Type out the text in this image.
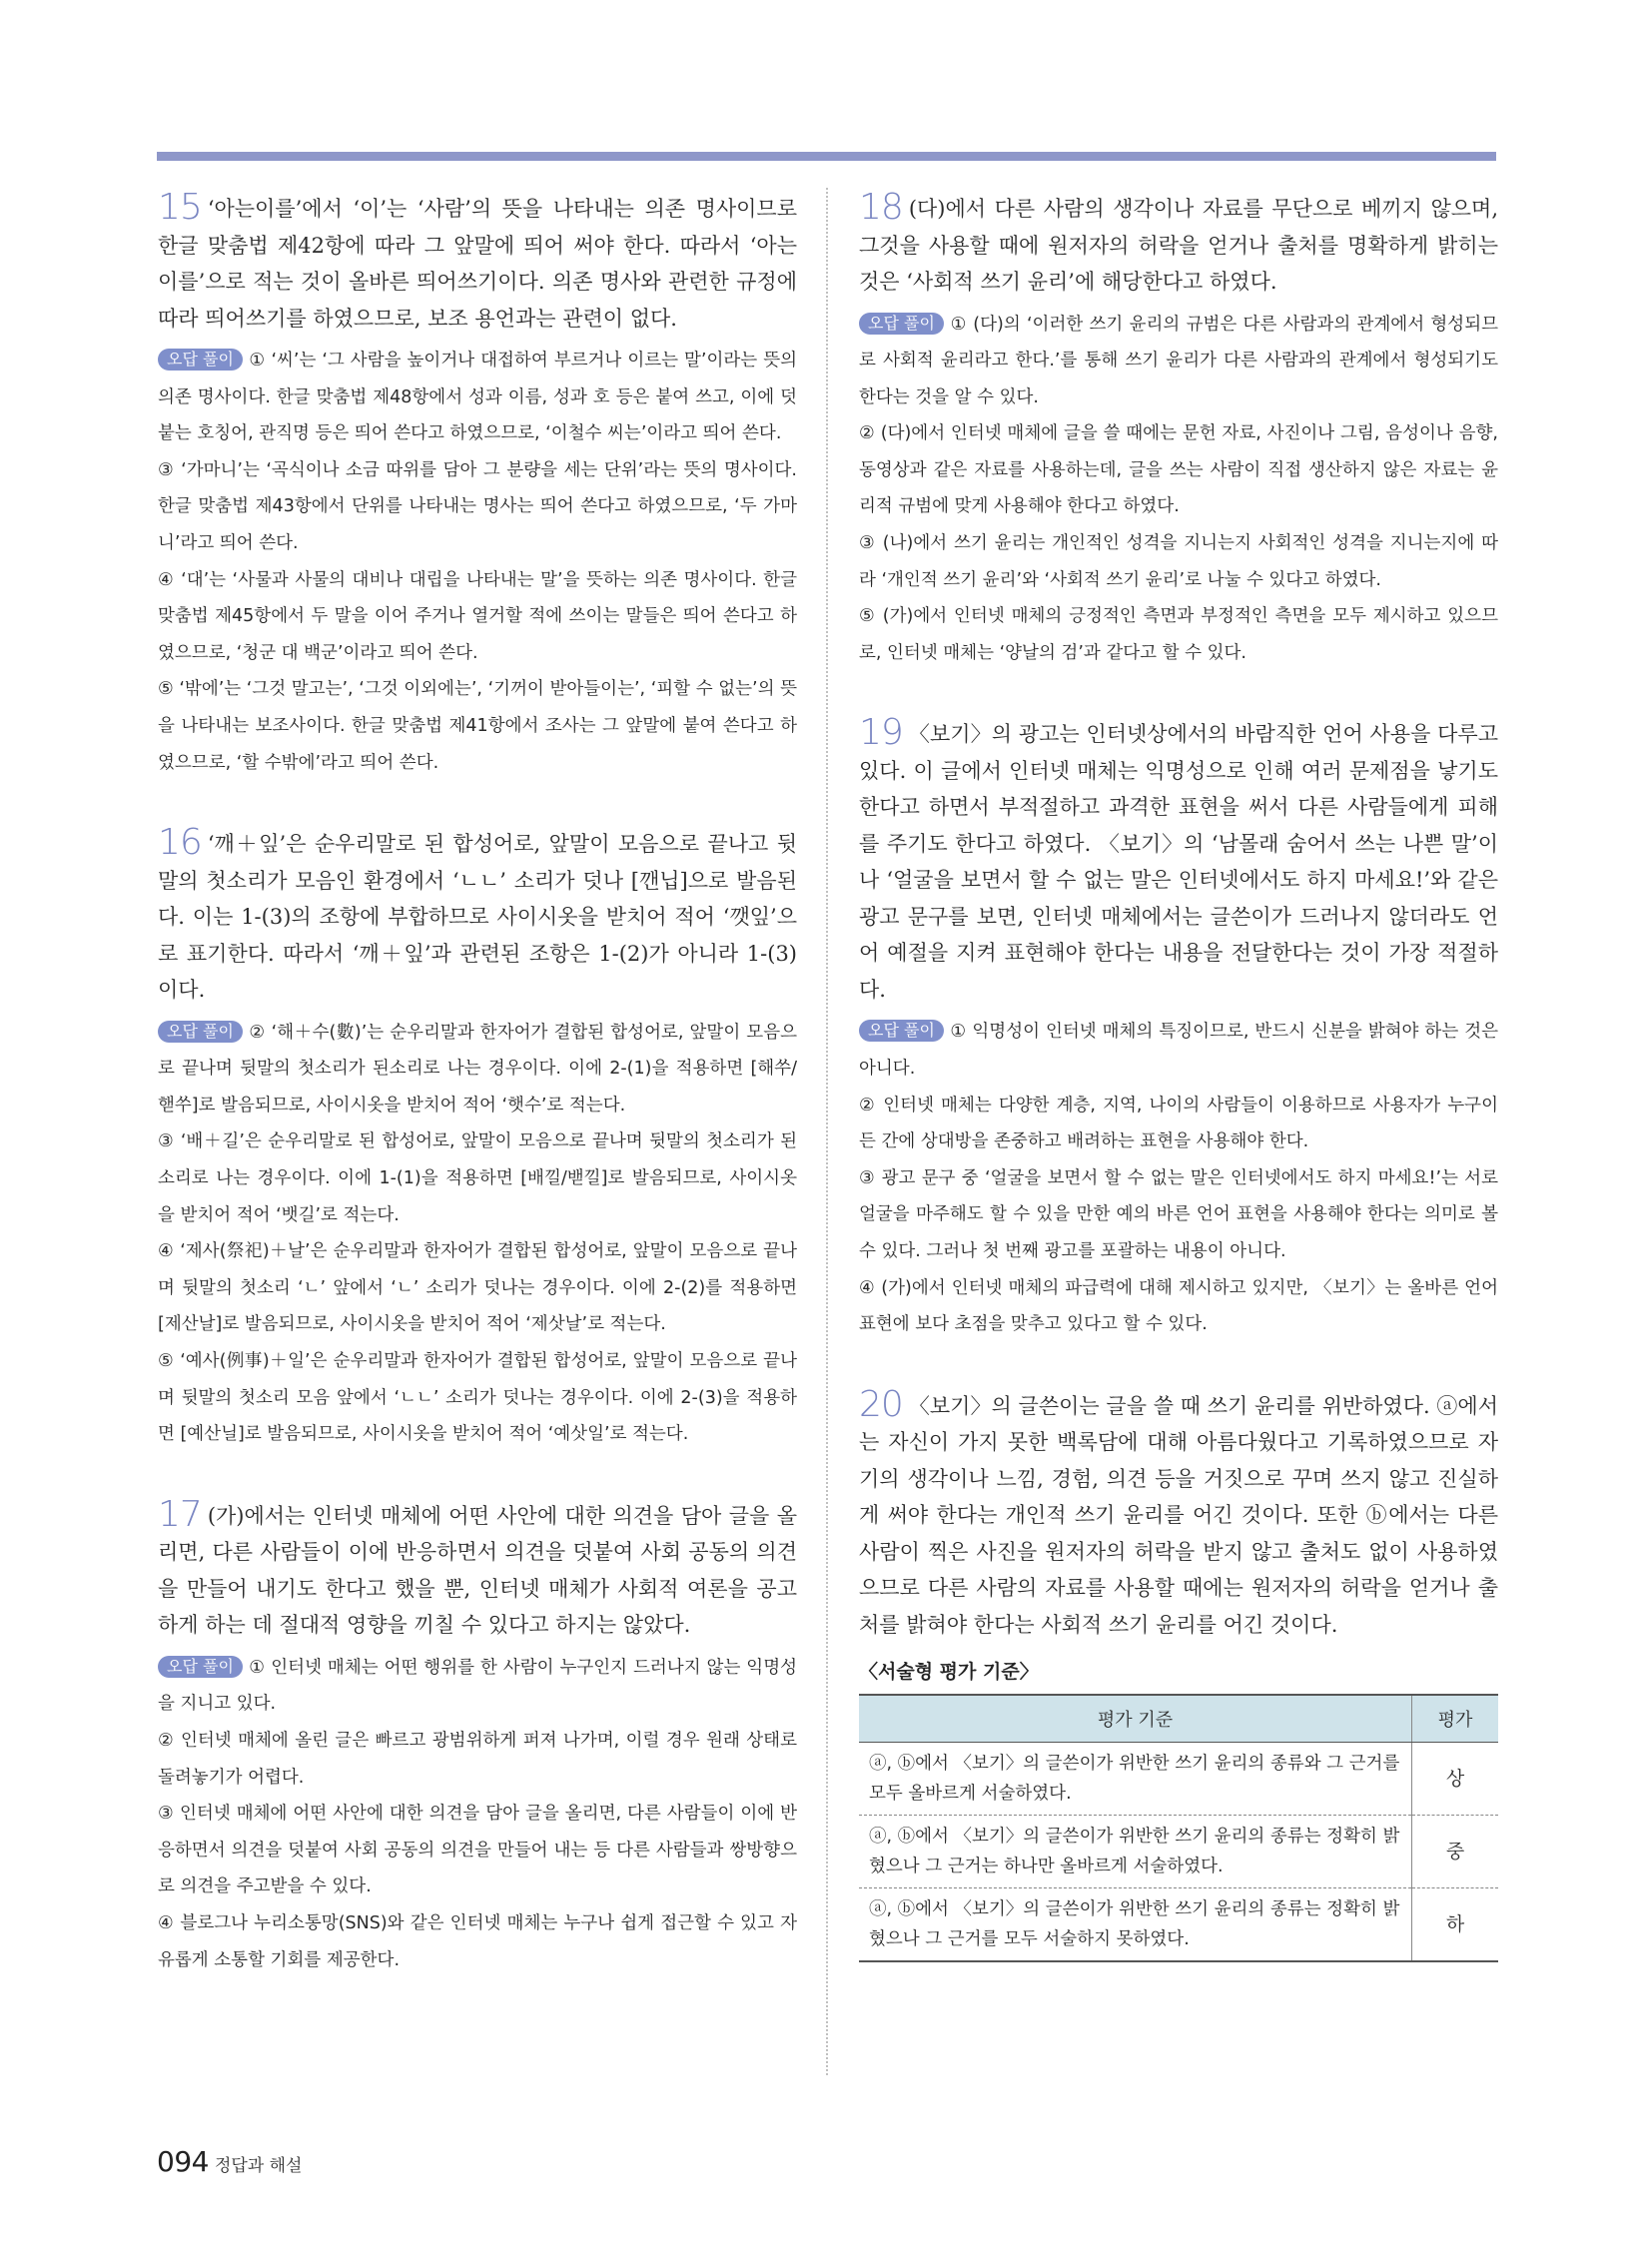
15 ‘아는이를’에서 ‘이’는 ‘사람’의 뜻을 나타내는 의존 명사이므로 한글 맞춤법 제42항에 따라 그 앞말에 띄어 써야 한다. 따라서 ‘아는 이를’으로 적는 것이 올바른 띄어쓰기이다. 의존 명사와 관련한 규정에 따라 띄어쓰기를 하였으므로, 보조 용언과는 관련이 없다.

오답 풀이 ① ‘씨’는 ‘그 사람을 높이거나 대접하여 부르거나 이르는 말’이라는 뜻의 의존 명사이다. 한글 맞춤법 제48항에서 성과 이름, 성과 호 등은 붙여 쓰고, 이에 덧붙는 호칭어, 관직명 등은 띄어 쓴다고 하였으므로, ‘이철수 씨는’이라고 띄어 쓴다.

③ ‘가마니’는 ‘곡식이나 소금 따위를 담아 그 분량을 세는 단위’라는 뜻의 명사이다. 한글 맞춤법 제43항에서 단위를 나타내는 명사는 띄어 쓴다고 하였으므로, ‘두 가마니’라고 띄어 쓴다.

④ ‘대’는 ‘사물과 사물의 대비나 대립을 나타내는 말’을 뜻하는 의존 명사이다. 한글 맞춤법 제45항에서 두 말을 이어 주거나 열거할 적에 쓰이는 말들은 띄어 쓴다고 하였으므로, ‘청군 대 백군’이라고 띄어 쓴다.

⑤ ‘밖에’는 ‘그것 말고는’, ‘그것 이외에는’, ‘기꺼이 받아들이는’, ‘피할 수 없는’의 뜻을 나타내는 보조사이다. 한글 맞춤법 제41항에서 조사는 그 앞말에 붙여 쓴다고 하였으므로, ‘할 수밖에’라고 띄어 쓴다.

16 ‘깨＋잎’은 순우리말로 된 합성어로, 앞말이 모음으로 끝나고 뒷말의 첫소리가 모음인 환경에서 ‘ㄴㄴ’ 소리가 덧나 [깬닙]으로 발음된다. 이는 1-(3)의 조항에 부합하므로 사이시옷을 받치어 적어 ‘깻잎’으로 표기한다. 따라서 ‘깨＋잎’과 관련된 조항은 1-(2)가 아니라 1-(3)이다.

오답 풀이 ② ‘해＋수(數)’는 순우리말과 한자어가 결합된 합성어로, 앞말이 모음으로 끝나며 뒷말의 첫소리가 된소리로 나는 경우이다. 이에 2-(1)을 적용하면 [해쑤/핻쑤]로 발음되므로, 사이시옷을 받치어 적어 ‘햇수’로 적는다.

③ ‘배＋길’은 순우리말로 된 합성어로, 앞말이 모음으로 끝나며 뒷말의 첫소리가 된소리로 나는 경우이다. 이에 1-(1)을 적용하면 [배낄/밷낄]로 발음되므로, 사이시옷을 받치어 적어 ‘뱃길’로 적는다.

④ ‘제사(祭祀)＋날’은 순우리말과 한자어가 결합된 합성어로, 앞말이 모음으로 끝나며 뒷말의 첫소리 ‘ㄴ’ 앞에서 ‘ㄴ’ 소리가 덧나는 경우이다. 이에 2-(2)를 적용하면 [제산날]로 발음되므로, 사이시옷을 받치어 적어 ‘제삿날’로 적는다.

⑤ ‘예사(例事)＋일’은 순우리말과 한자어가 결합된 합성어로, 앞말이 모음으로 끝나며 뒷말의 첫소리 모음 앞에서 ‘ㄴㄴ’ 소리가 덧나는 경우이다. 이에 2-(3)을 적용하면 [예산닐]로 발음되므로, 사이시옷을 받치어 적어 ‘예삿일’로 적는다.

17 (가)에서는 인터넷 매체에 어떤 사안에 대한 의견을 담아 글을 올리면, 다른 사람들이 이에 반응하면서 의견을 덧붙여 사회 공동의 의견을 만들어 내기도 한다고 했을 뿐, 인터넷 매체가 사회적 여론을 공고하게 하는 데 절대적 영향을 끼칠 수 있다고 하지는 않았다.

오답 풀이 ① 인터넷 매체는 어떤 행위를 한 사람이 누구인지 드러나지 않는 익명성을 지니고 있다.

② 인터넷 매체에 올린 글은 빠르고 광범위하게 퍼져 나가며, 이럴 경우 원래 상태로 돌려놓기가 어렵다.

③ 인터넷 매체에 어떤 사안에 대한 의견을 담아 글을 올리면, 다른 사람들이 이에 반응하면서 의견을 덧붙여 사회 공동의 의견을 만들어 내는 등 다른 사람들과 쌍방향으로 의견을 주고받을 수 있다.

④ 블로그나 누리소통망(SNS)와 같은 인터넷 매체는 누구나 쉽게 접근할 수 있고 자유롭게 소통할 기회를 제공한다.

18 (다)에서 다른 사람의 생각이나 자료를 무단으로 베끼지 않으며, 그것을 사용할 때에 원저자의 허락을 얻거나 출처를 명확하게 밝히는 것은 ‘사회적 쓰기 윤리’에 해당한다고 하였다.

오답 풀이 ① (다)의 ‘이러한 쓰기 윤리의 규범은 다른 사람과의 관계에서 형성되므로 사회적 윤리라고 한다.’를 통해 쓰기 윤리가 다른 사람과의 관계에서 형성되기도 한다는 것을 알 수 있다.

② (다)에서 인터넷 매체에 글을 쓸 때에는 문헌 자료, 사진이나 그림, 음성이나 음향, 동영상과 같은 자료를 사용하는데, 글을 쓰는 사람이 직접 생산하지 않은 자료는 윤리적 규범에 맞게 사용해야 한다고 하였다.

③ (나)에서 쓰기 윤리는 개인적인 성격을 지니는지 사회적인 성격을 지니는지에 따라 ‘개인적 쓰기 윤리’와 ‘사회적 쓰기 윤리’로 나눌 수 있다고 하였다.

⑤ (가)에서 인터넷 매체의 긍정적인 측면과 부정적인 측면을 모두 제시하고 있으므로, 인터넷 매체는 ‘양날의 검’과 같다고 할 수 있다.

19 〈보기〉의 광고는 인터넷상에서의 바람직한 언어 사용을 다루고 있다. 이 글에서 인터넷 매체는 익명성으로 인해 여러 문제점을 낳기도 한다고 하면서 부적절하고 과격한 표현을 써서 다른 사람들에게 피해를 주기도 한다고 하였다. 〈보기〉의 ‘남몰래 숨어서 쓰는 나쁜 말’이나 ‘얼굴을 보면서 할 수 없는 말은 인터넷에서도 하지 마세요!’와 같은 광고 문구를 보면, 인터넷 매체에서는 글쓴이가 드러나지 않더라도 언어 예절을 지켜 표현해야 한다는 내용을 전달한다는 것이 가장 적절하다.

오답 풀이 ① 익명성이 인터넷 매체의 특징이므로, 반드시 신분을 밝혀야 하는 것은 아니다.

② 인터넷 매체는 다양한 계층, 지역, 나이의 사람들이 이용하므로 사용자가 누구이든 간에 상대방을 존중하고 배려하는 표현을 사용해야 한다.

③ 광고 문구 중 ‘얼굴을 보면서 할 수 없는 말은 인터넷에서도 하지 마세요!’는 서로 얼굴을 마주해도 할 수 있을 만한 예의 바른 언어 표현을 사용해야 한다는 의미로 볼 수 있다. 그러나 첫 번째 광고를 포괄하는 내용이 아니다.

④ (가)에서 인터넷 매체의 파급력에 대해 제시하고 있지만, 〈보기〉는 올바른 언어 표현에 보다 초점을 맞추고 있다고 할 수 있다.

20 〈보기〉의 글쓴이는 글을 쓸 때 쓰기 윤리를 위반하였다. ⓐ에서는 자신이 가지 못한 백록담에 대해 아름다웠다고 기록하였으므로 자기의 생각이나 느낌, 경험, 의견 등을 거짓으로 꾸며 쓰지 않고 진실하게 써야 한다는 개인적 쓰기 윤리를 어긴 것이다. 또한 ⓑ에서는 다른 사람이 찍은 사진을 원저자의 허락을 받지 않고 출처도 없이 사용하였으므로 다른 사람의 자료를 사용할 때에는 원저자의 허락을 얻거나 출처를 밝혀야 한다는 사회적 쓰기 윤리를 어긴 것이다.

〈서술형 평가 기준〉
평가 기준	평가
ⓐ, ⓑ에서 〈보기〉의 글쓴이가 위반한 쓰기 윤리의 종류와 그 근거를 모두 올바르게 서술하였다.	상
ⓐ, ⓑ에서 〈보기〉의 글쓴이가 위반한 쓰기 윤리의 종류는 정확히 밝혔으나 그 근거는 하나만 올바르게 서술하였다.	중
ⓐ, ⓑ에서 〈보기〉의 글쓴이가 위반한 쓰기 윤리의 종류는 정확히 밝혔으나 그 근거를 모두 서술하지 못하였다.	하
094 정답과 해설
